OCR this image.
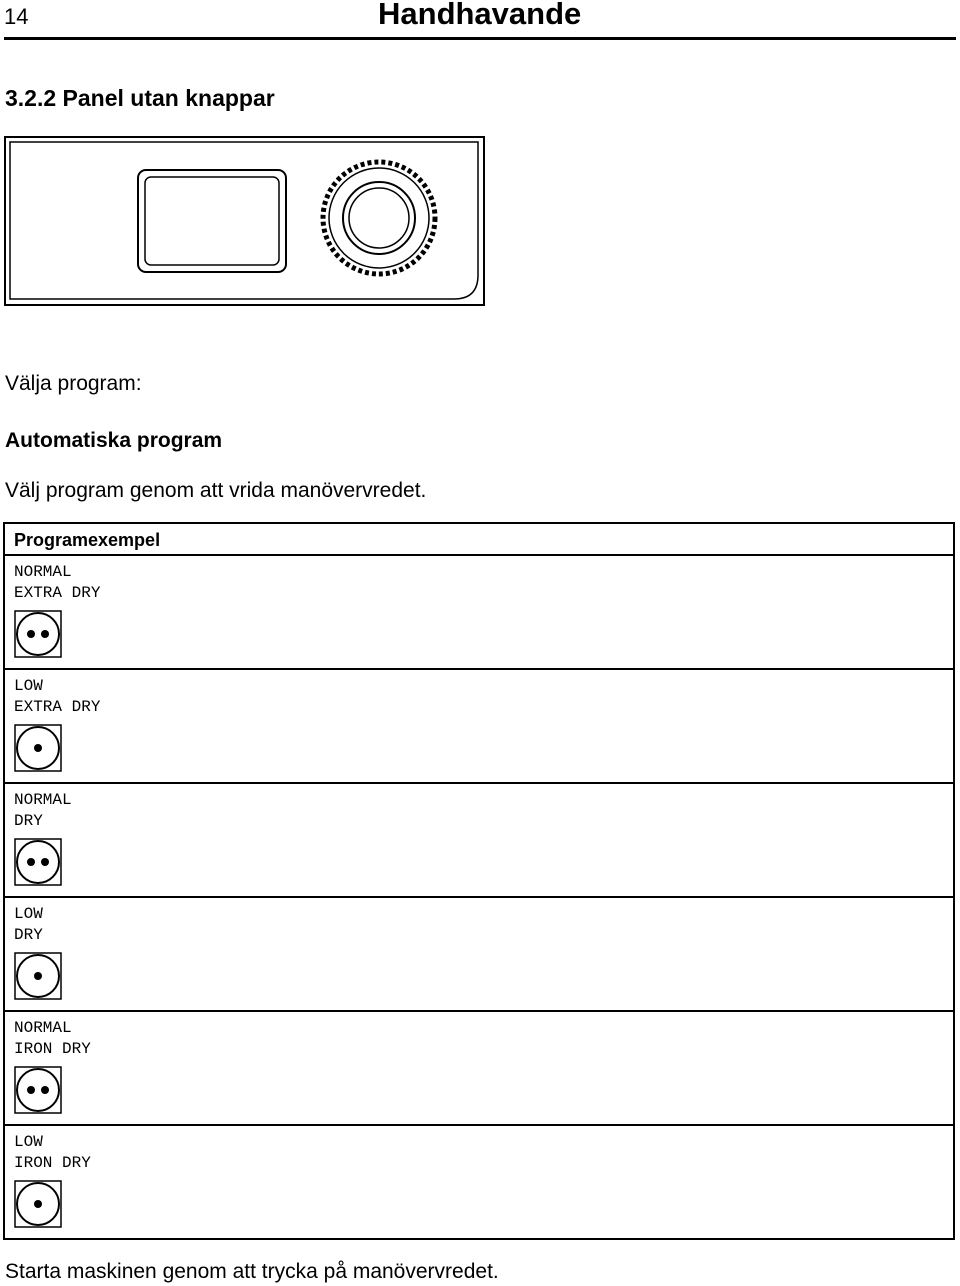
14	Handhavande
3.2.2 Panel utan knappar
Välja program:
Automatiska program
Välj program genom att vrida manövervredet.
Programexempel
NORMAL
EXTRA DRY
LOW
EXTRA DRY
NORMAL
DRY
LOW
DRY
NORMAL
IRON DRY
LOW
IRON DRY
Starta maskinen genom att trycka på manövervredet.
